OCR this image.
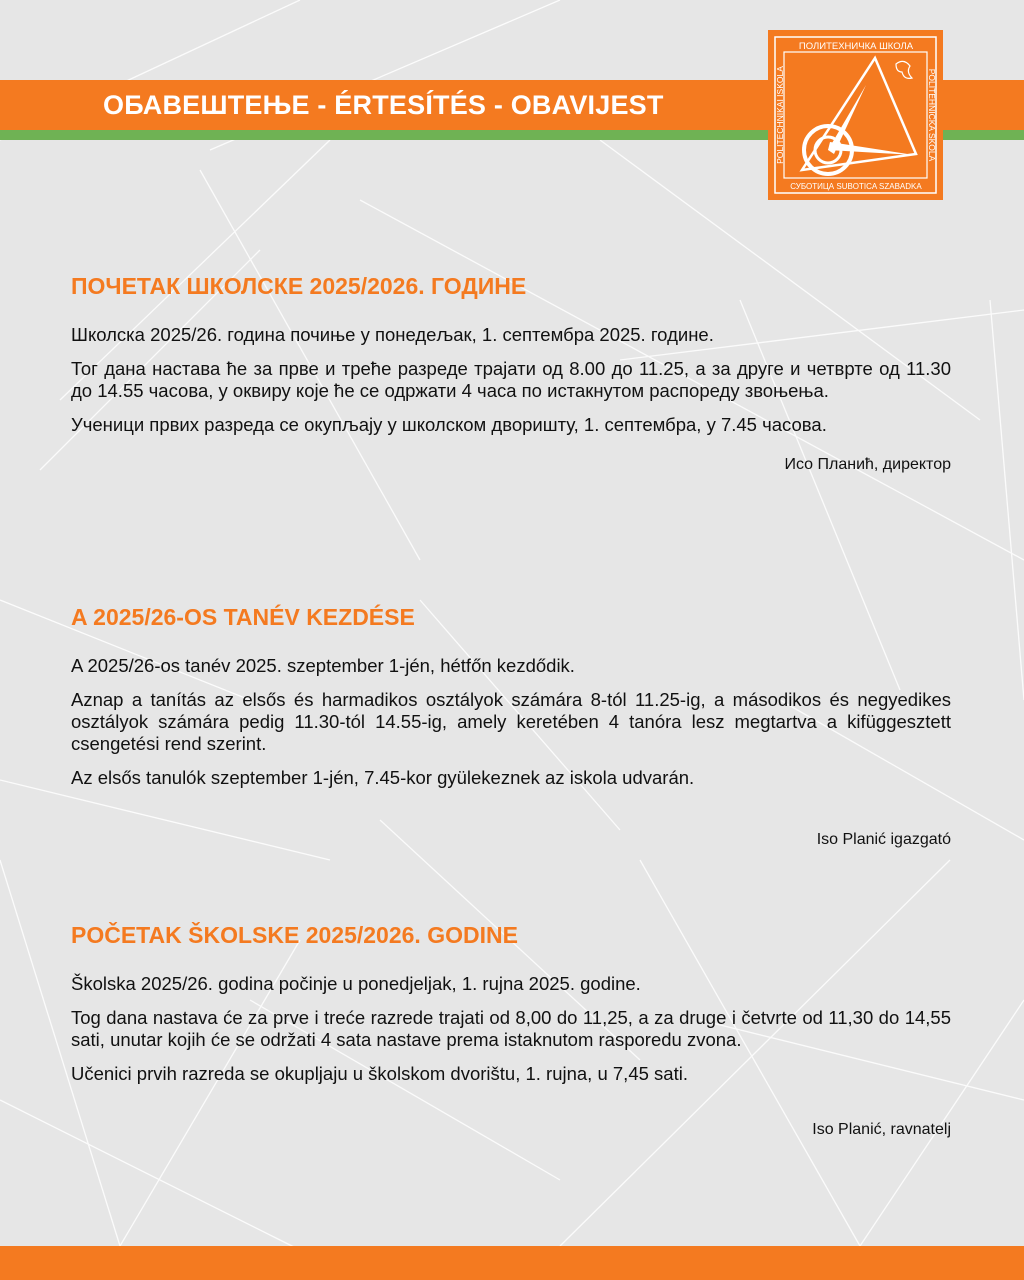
ОБАВЕШТЕЊЕ - ÉRTESÍTÉS - OBAVIJEST
ПОЛИТЕХНИЧКА ШКОЛА
СУБОТИЦА SUBOTICA SZABADKA
POLITECHNIKAI ISKOLA	POLITEHNIČKA ŠKOLA
ПОЧЕТАК ШКОЛСКЕ 2025/2026. ГОДИНЕ

Школска 2025/26. година почиње у понедељак, 1. септембра 2025. године.

Тог дана настава ће за прве и треће разреде трајати од 8.00 до 11.25, а за друге и четврте од 11.30 до 14.55 часова, у оквиру које ће се одржати 4 часа по истакнутом распореду звоњења.

Ученици првих разреда се окупљају у школском дворишту, 1. септембра, у 7.45 часова.

Исо Планић, директор
A 2025/26-OS TANÉV KEZDÉSE

A 2025/26-os tanév 2025. szeptember 1-jén, hétfőn kezdődik.

Aznap a tanítás az elsős és harmadikos osztályok számára 8-tól 11.25-ig, a másodikos és negyedikes osztályok számára pedig 11.30-tól 14.55-ig, amely keretében 4 tanóra lesz megtartva a kifüggesztett csengetési rend szerint.

Az elsős tanulók szeptember 1-jén, 7.45-kor gyülekeznek az iskola udvarán.

Iso Planić igazgató
POČETAK ŠKOLSKE 2025/2026. GODINE

Školska 2025/26. godina počinje u ponedjeljak, 1. rujna 2025. godine.

Tog dana nastava će za prve i treće razrede trajati od 8,00 do 11,25, a za druge i četvrte od 11,30 do 14,55 sati, unutar kojih će se održati 4 sata nastave prema istaknutom rasporedu zvona.

Učenici prvih razreda se okupljaju u školskom dvorištu, 1. rujna, u 7,45 sati.

Iso Planić, ravnatelj
